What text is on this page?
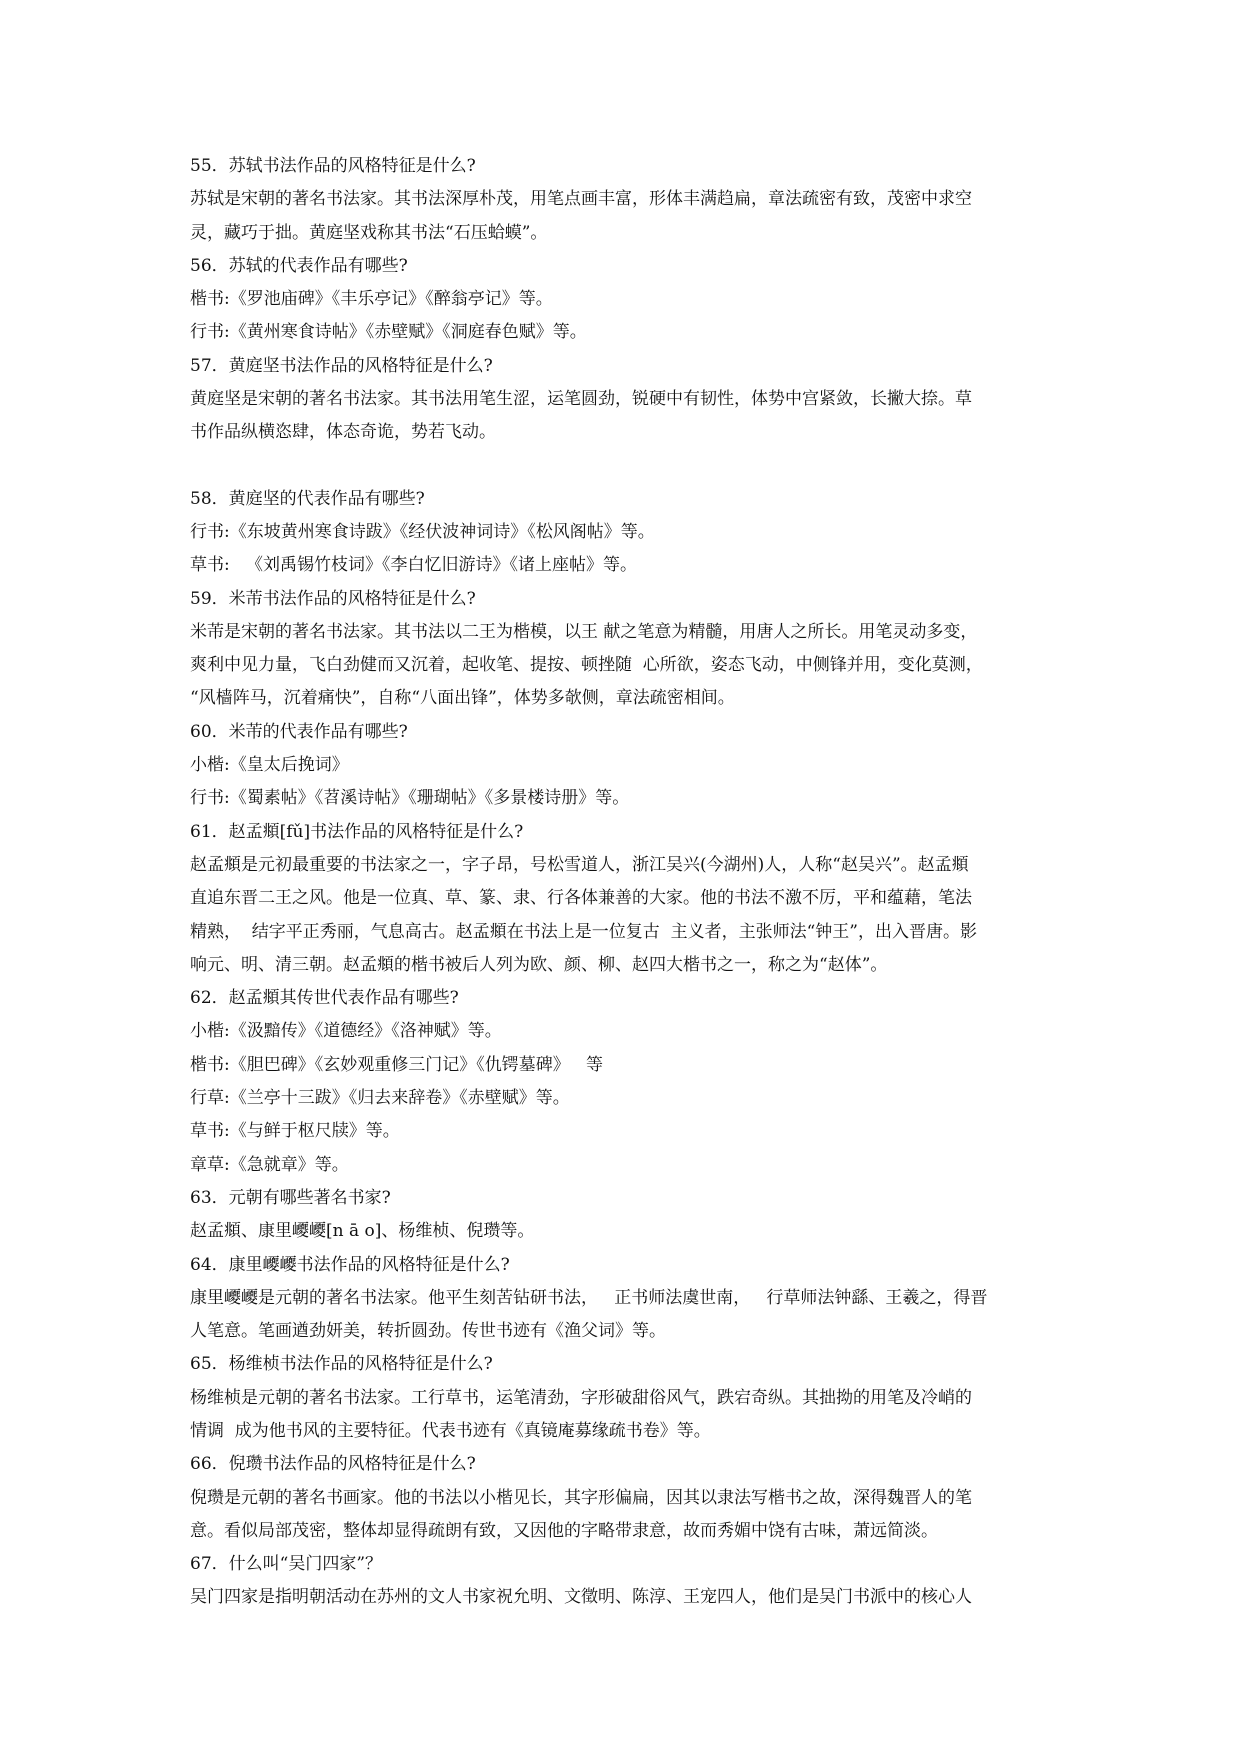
55．苏轼书法作品的风格特征是什么?
苏轼是宋朝的著名书法家。其书法深厚朴茂，用笔点画丰富，形体丰满趋扁，章法疏密有致，茂密中求空
灵，藏巧于拙。黄庭坚戏称其书法“石压蛤蟆”。
56．苏轼的代表作品有哪些?
楷书:《罗池庙碑》《丰乐亭记》《醉翁亭记》等。
行书:《黄州寒食诗帖》《赤壁赋》《洞庭春色赋》等。
57．黄庭坚书法作品的风格特征是什么?
黄庭坚是宋朝的著名书法家。其书法用笔生涩，运笔圆劲，锐硬中有韧性，体势中宫紧敛，长撇大捺。草
书作品纵横恣肆，体态奇诡，势若飞动。
58．黄庭坚的代表作品有哪些?
行书:《东坡黄州寒食诗跋》《经伏波神词诗》《松风阁帖》等。
草书:   《刘禹锡竹枝词》《李白忆旧游诗》《诸上座帖》等。
59．米芾书法作品的风格特征是什么?
米芾是宋朝的著名书法家。其书法以二王为楷模，以王 献之笔意为精髓，用唐人之所长。用笔灵动多变，
爽利中见力量，飞白劲健而又沉着，起收笔、提按、顿挫随  心所欲，姿态飞动，中侧锋并用，变化莫测，
“风樯阵马，沉着痛快”，自称“八面出锋”，体势多欹侧，章法疏密相间。
60．米芾的代表作品有哪些?
小楷:《皇太后挽词》
行书:《蜀素帖》《苕溪诗帖》《珊瑚帖》《多景楼诗册》等。
61．赵孟頫[fǔ]书法作品的风格特征是什么?
赵孟頫是元初最重要的书法家之一，字子昂，号松雪道人，浙江吴兴(今湖州)人，人称“赵吴兴”。赵孟頫
直追东晋二王之风。他是一位真、草、篆、隶、行各体兼善的大家。他的书法不激不厉，平和蕴藉，笔法
精熟，  结字平正秀丽，气息高古。赵孟頫在书法上是一位复古  主义者，主张师法“钟王”，出入晋唐。影
响元、明、清三朝。赵孟頫的楷书被后人列为欧、颜、柳、赵四大楷书之一，称之为“赵体”。
62．赵孟頫其传世代表作品有哪些?
小楷:《汲黯传》《道德经》《洛神赋》等。
楷书:《胆巴碑》《玄妙观重修三门记》《仇锷墓碑》   等
行草:《兰亭十三跋》《归去来辞卷》《赤壁赋》等。
草书:《与鲜于枢尺牍》等。
章草:《急就章》等。
63．元朝有哪些著名书家?
赵孟頫、康里巎巎[n ā o]、杨维桢、倪瓒等。
64．康里巎巎书法作品的风格特征是什么?
康里巎巎是元朝的著名书法家。他平生刻苦钻研书法，   正书师法虞世南，   行草师法钟繇、王羲之，得晋
人笔意。笔画遒劲妍美，转折圆劲。传世书迹有《渔父词》等。
65．杨维桢书法作品的风格特征是什么?
杨维桢是元朝的著名书法家。工行草书，运笔清劲，字形破甜俗风气，跌宕奇纵。其拙拗的用笔及冷峭的
情调  成为他书风的主要特征。代表书迹有《真镜庵募缘疏书卷》等。
66．倪瓒书法作品的风格特征是什么?
倪瓒是元朝的著名书画家。他的书法以小楷见长，其字形偏扁，因其以隶法写楷书之故，深得魏晋人的笔
意。看似局部茂密，整体却显得疏朗有致，又因他的字略带隶意，故而秀媚中饶有古味，萧远简淡。
67．什么叫“吴门四家”？
吴门四家是指明朝活动在苏州的文人书家祝允明、文徵明、陈淳、王宠四人，他们是吴门书派中的核心人
